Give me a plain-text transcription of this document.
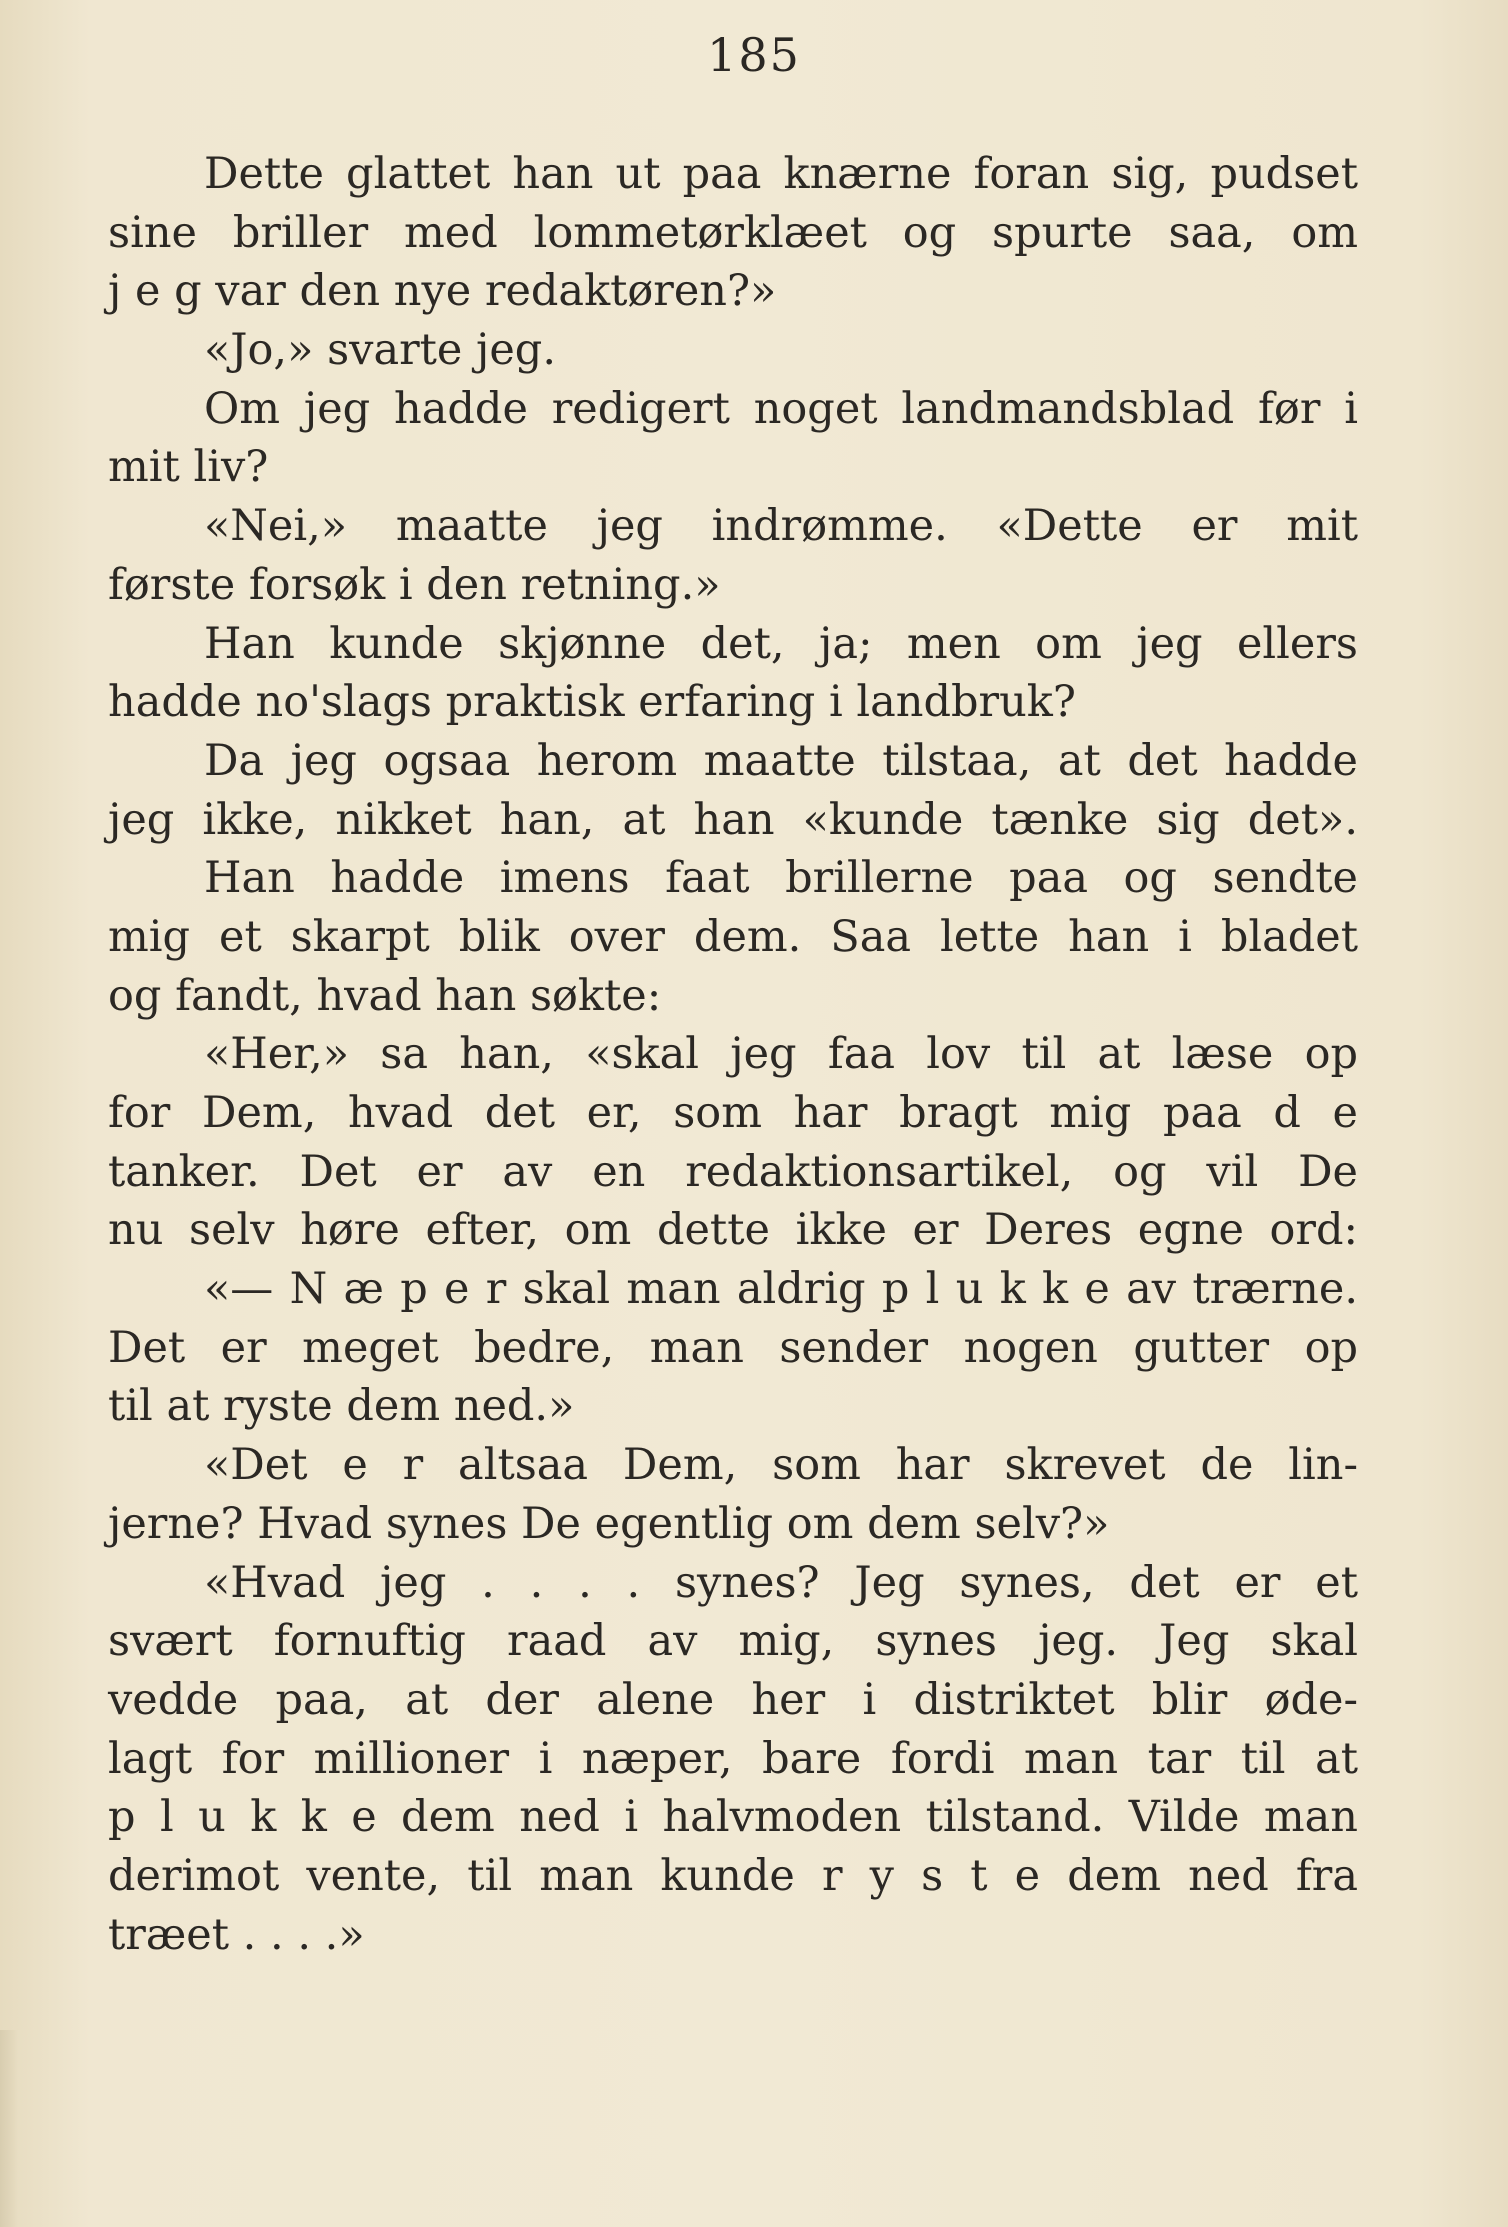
185
Dette glattet han ut paa knærne foran sig, pudset
sine briller med lommetørklæet og spurte saa, om
j e g var den nye redaktøren?»
«Jo,» svarte jeg.
Om jeg hadde redigert noget landmandsblad før i
mit liv?
«Nei,» maatte jeg indrømme. «Dette er mit
første forsøk i den retning.»
Han kunde skjønne det, ja; men om jeg ellers
hadde no'slags praktisk erfaring i landbruk?
Da jeg ogsaa herom maatte tilstaa, at det hadde
jeg ikke, nikket han, at han «kunde tænke sig det».
Han hadde imens faat brillerne paa og sendte
mig et skarpt blik over dem. Saa lette han i bladet
og fandt, hvad han søkte:
«Her,» sa han, «skal jeg faa lov til at læse op
for Dem, hvad det er, som har bragt mig paa d e
tanker. Det er av en redaktionsartikel, og vil De
nu selv høre efter, om dette ikke er Deres egne ord:
«— N æ p e r skal man aldrig p l u k k e av trærne.
Det er meget bedre, man sender nogen gutter op
til at ryste dem ned.»
«Det e r altsaa Dem, som har skrevet de lin-
jerne? Hvad synes De egentlig om dem selv?»
«Hvad jeg . . . . synes? Jeg synes, det er et
svært fornuftig raad av mig, synes jeg. Jeg skal
vedde paa, at der alene her i distriktet blir øde-
lagt for millioner i næper, bare fordi man tar til at
p l u k k e dem ned i halvmoden tilstand. Vilde man
derimot vente, til man kunde r y s t e dem ned fra
træet . . . .»
